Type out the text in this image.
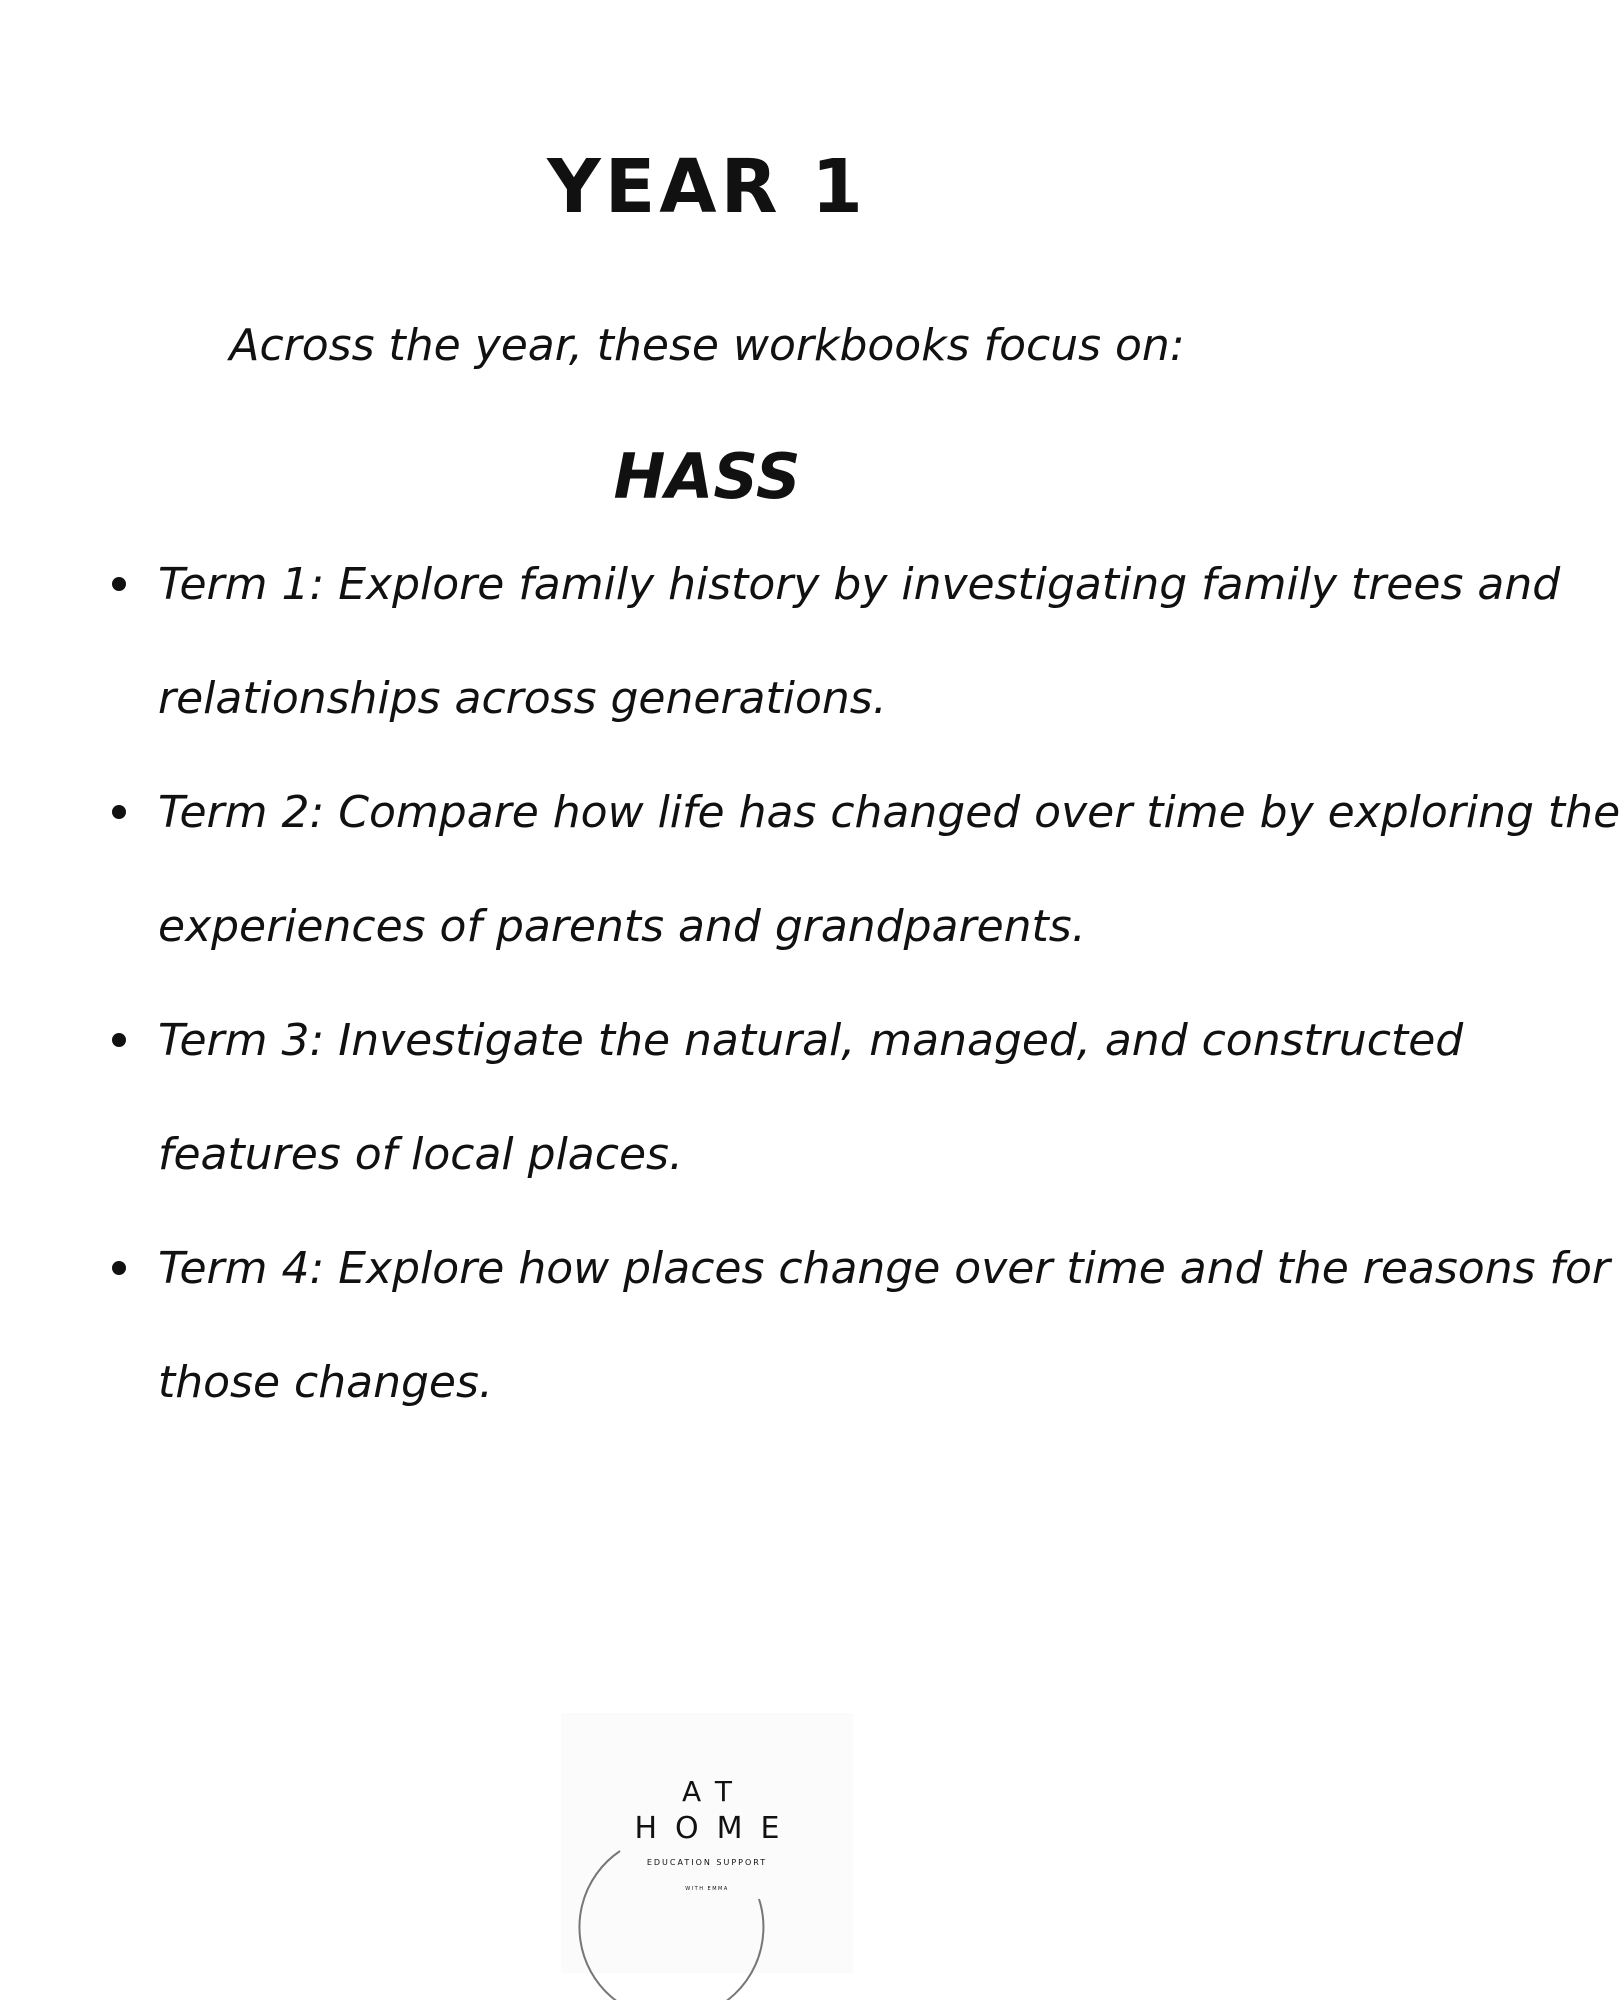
YEAR 1

Across the year, these workbooks focus on:

HASS
Term 1: Explore family history by investigating family trees and
relationships across generations.
Term 2: Compare how life has changed over time by exploring the
experiences of parents and grandparents.
Term 3: Investigate the natural, managed, and constructed
features of local places.
Term 4: Explore how places change over time and the reasons for
those changes.
AT
HOME
EDUCATION SUPPORT
WITH EMMA
